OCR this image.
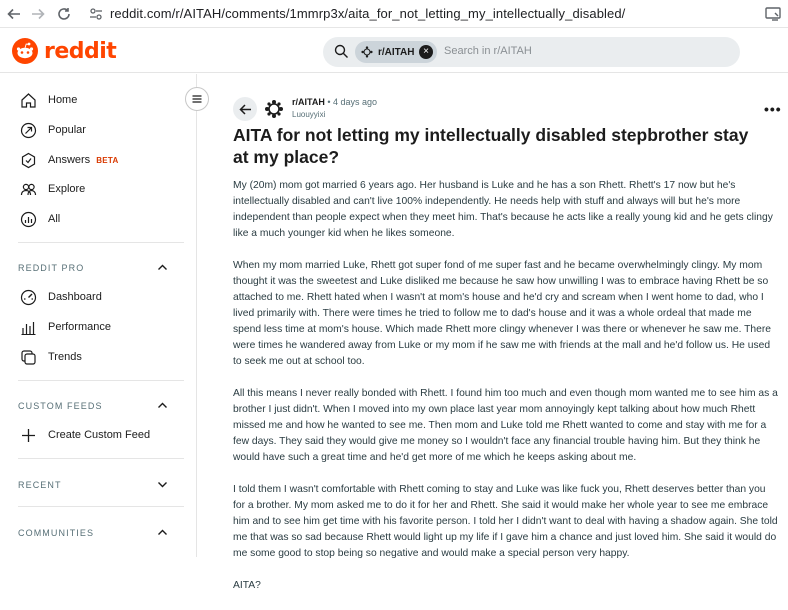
reddit.com/r/AITAH/comments/1mmrp3x/aita_for_not_letting_my_intellectually_disabled/
reddit	r/AITAH ×	Search in r/AITAH
Home
Popular
Answers BETA
Explore
All
REDDIT PRO
Dashboard
Performance
Trends
CUSTOM FEEDS
Create Custom Feed
RECENT
COMMUNITIES
r/AITAH • 4 days ago
Luouyyixi	•••
AITA for not letting my intellectually disabled stepbrother stay at my place?

My (20m) mom got married 6 years ago. Her husband is Luke and he has a son Rhett. Rhett's 17 now but he's intellectually disabled and can't live 100% independently. He needs help with stuff and always will but he's more independent than people expect when they meet him. That's because he acts like a really young kid and he gets clingy like a much younger kid when he likes someone.

When my mom married Luke, Rhett got super fond of me super fast and he became overwhelmingly clingy. My mom thought it was the sweetest and Luke disliked me because he saw how unwilling I was to embrace having Rhett be so attached to me. Rhett hated when I wasn't at mom's house and he'd cry and scream when I went home to dad, who I lived primarily with. There were times he tried to follow me to dad's house and it was a whole ordeal that made me spend less time at mom's house. Which made Rhett more clingy whenever I was there or whenever he saw me. There were times he wandered away from Luke or my mom if he saw me with friends at the mall and he'd follow us. He used to seek me out at school too.

All this means I never really bonded with Rhett. I found him too much and even though mom wanted me to see him as a brother I just didn't. When I moved into my own place last year mom annoyingly kept talking about how much Rhett missed me and how he wanted to see me. Then mom and Luke told me Rhett wanted to come and stay with me for a few days. They said they would give me money so I wouldn't face any financial trouble having him. But they think he would have such a great time and he'd get more of me which he keeps asking about me.

I told them I wasn't comfortable with Rhett coming to stay and Luke was like fuck you, Rhett deserves better than you for a brother. My mom asked me to do it for her and Rhett. She said it would make her whole year to see me embrace him and to see him get time with his favorite person. I told her I didn't want to deal with having a shadow again. She told me that was so sad because Rhett would light up my life if I gave him a chance and just loved him. She said it would do me some good to stop being so negative and would make a special person very happy.

AITA?
